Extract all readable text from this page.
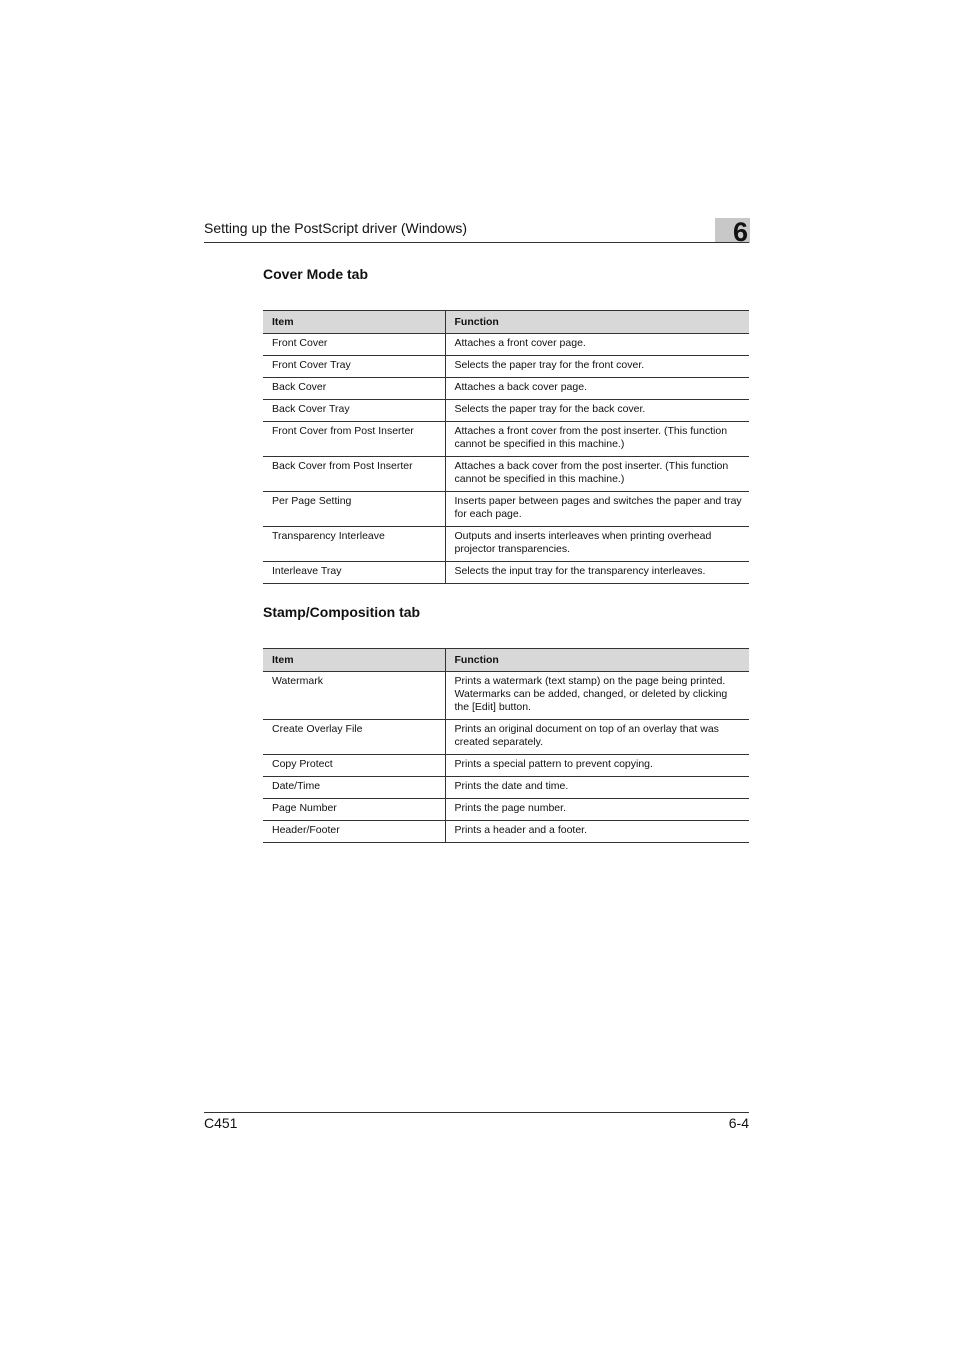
Setting up the PostScript driver (Windows)	6
Cover Mode tab
Item	Function
Front Cover	Attaches a front cover page.
Front Cover Tray	Selects the paper tray for the front cover.
Back Cover	Attaches a back cover page.
Back Cover Tray	Selects the paper tray for the back cover.
Front Cover from Post Inserter	Attaches a front cover from the post inserter. (This function cannot be specified in this machine.)
Back Cover from Post Inserter	Attaches a back cover from the post inserter. (This function cannot be specified in this machine.)
Per Page Setting	Inserts paper between pages and switches the paper and tray for each page.
Transparency Interleave	Outputs and inserts interleaves when printing overhead projector transparencies.
Interleave Tray	Selects the input tray for the transparency interleaves.
Stamp/Composition tab
Item	Function
Watermark	Prints a watermark (text stamp) on the page being printed. Watermarks can be added, changed, or deleted by clicking the [Edit] button.
Create Overlay File	Prints an original document on top of an overlay that was created separately.
Copy Protect	Prints a special pattern to prevent copying.
Date/Time	Prints the date and time.
Page Number	Prints the page number.
Header/Footer	Prints a header and a footer.
C451	6-4
